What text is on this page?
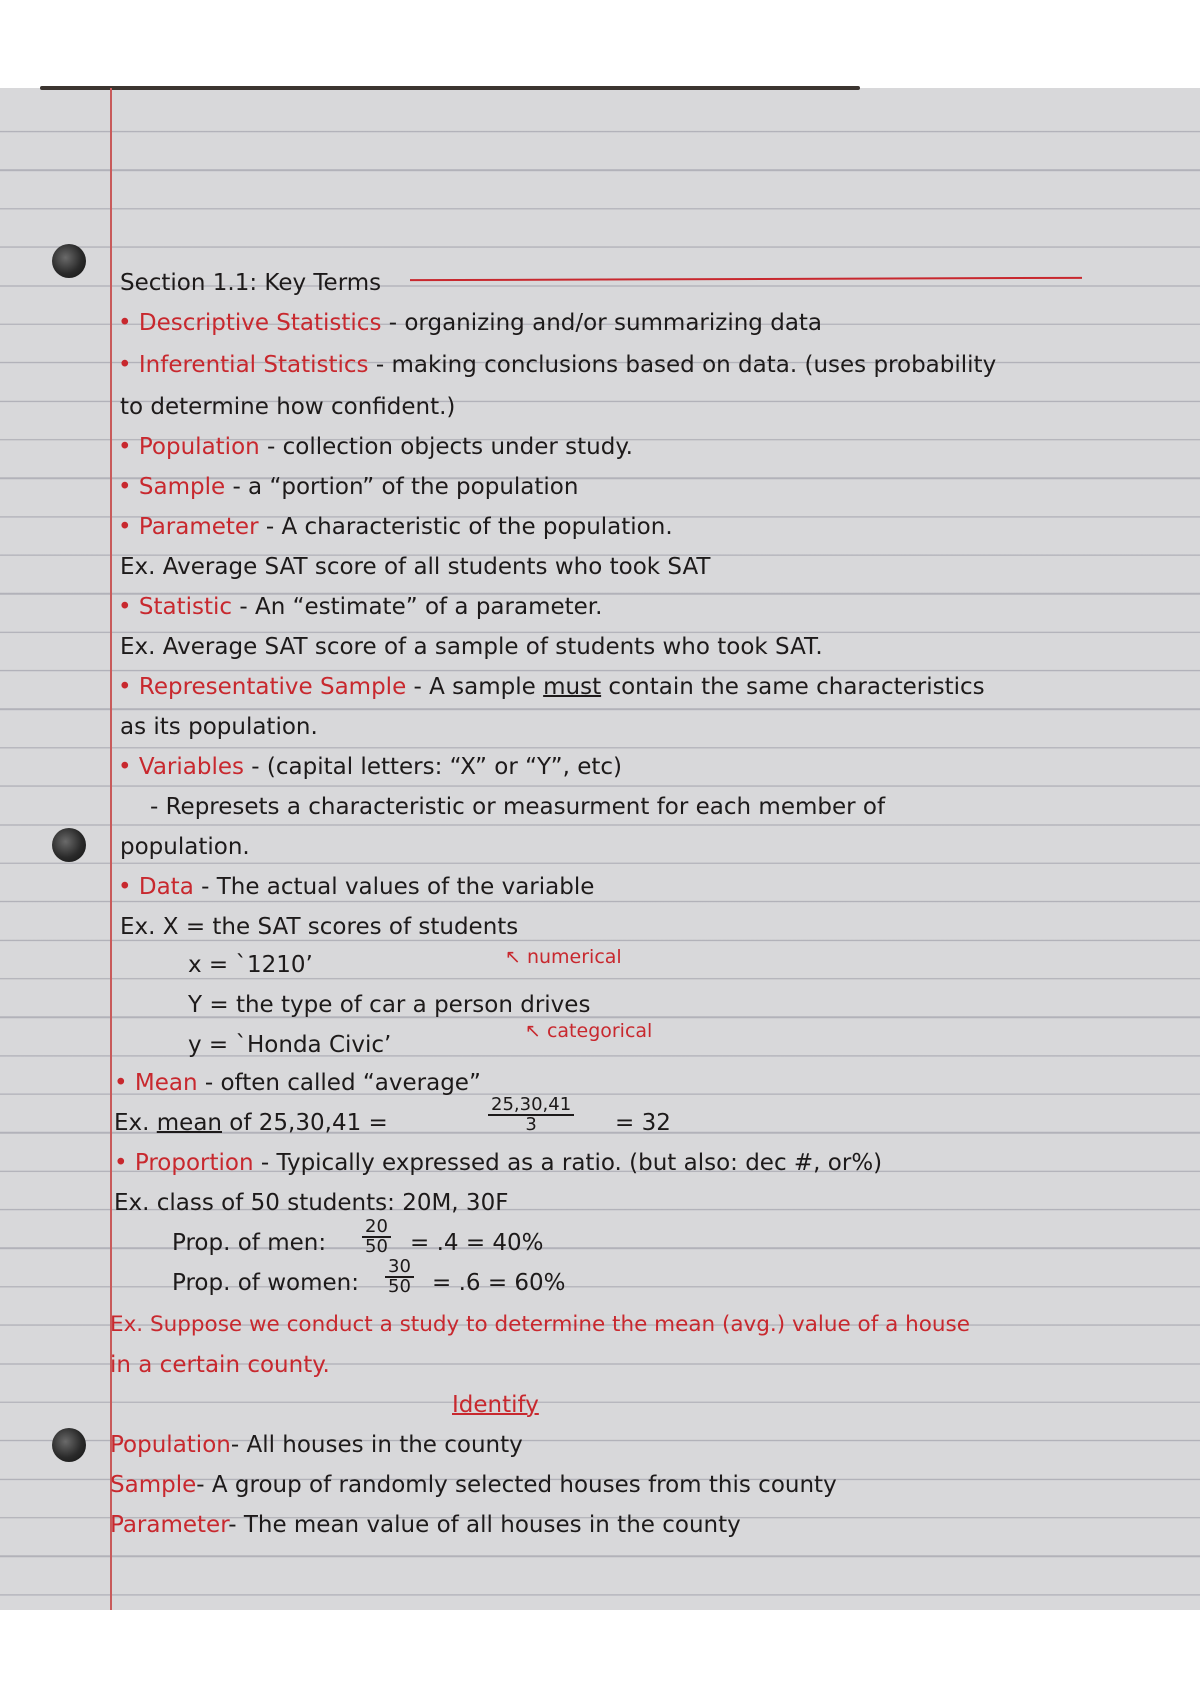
Section 1.1: Key Terms

• Descriptive Statistics - organizing and/or summarizing data

• Inferential Statistics - making conclusions based on data. (uses probability

to determine how confident.)

• Population - collection objects under study.

• Sample - a “portion” of the population

• Parameter - A characteristic of the population.

Ex. Average SAT score of all students who took SAT

• Statistic - An “estimate” of a parameter.

Ex. Average SAT score of a sample of students who took SAT.

• Representative Sample - A sample must contain the same characteristics

as its population.

• Variables - (capital letters: “X” or “Y”, etc)

- Represets a characteristic or measurment for each member of

population.

• Data - The actual values of the variable

Ex. X = the SAT scores of students

x = `1210’	↖ numerical

Y = the type of car a person drives

y = `Honda Civic’

↖ categorical

• Mean - often called “average”

Ex. mean of 25,30,41 =	$\frac{25,30,41}{3} = 32$

• Proportion - Typically expressed as a ratio. (but also: dec #, or%)

Ex. class of 50 students: 20M, 30F

Prop. of men: $\frac{20}{50} = .4 = 40\%$

Prop. of women: $\frac{30}{50} = .6 = 60\%$

Ex. Suppose we conduct a study to determine the mean (avg.) value of a house

in a certain county.

Identify

Population- All houses in the county

Sample- A group of randomly selected houses from this county

Parameter- The mean value of all houses in the county
